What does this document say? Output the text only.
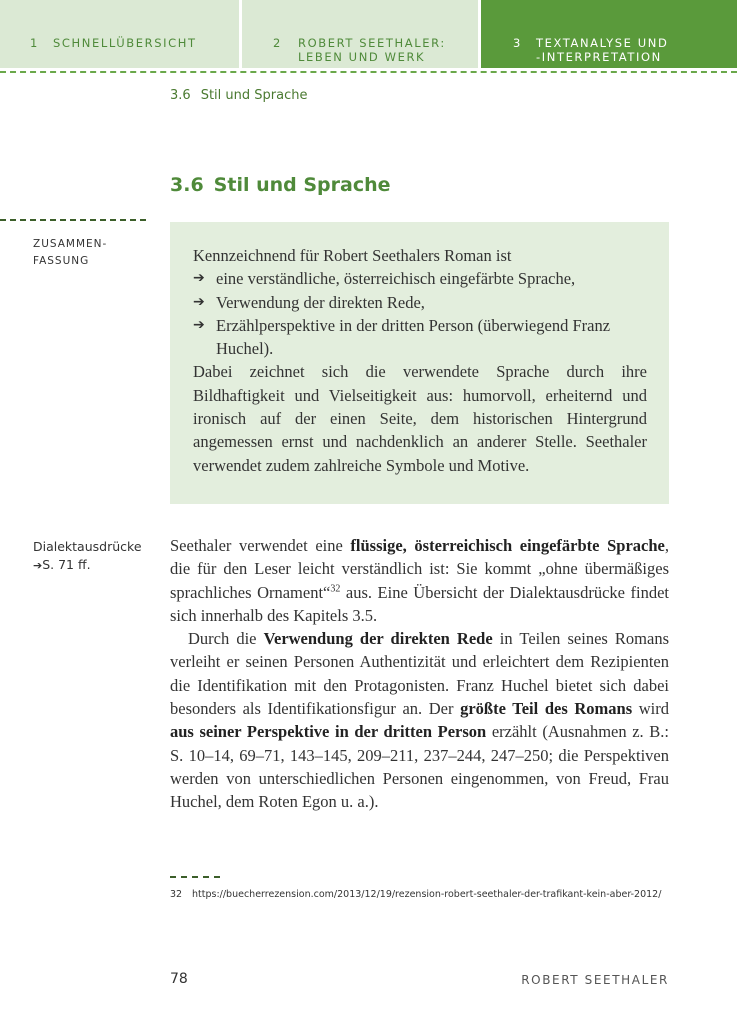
1 SCHNELLÜBERSICHT	2 ROBERT SEETHALER:
LEBEN UND WERK
3 TEXTANALYSE UND
-INTERPRETATION
3.6 Stil und Sprache
3.6 Stil und Sprache
ZUSAMMEN-
FASSUNG	Kennzeichnend für Robert Seethalers Roman ist

➔ eine verständliche, österreichisch eingefärbte Sprache,
➔ Verwendung der direkten Rede,
➔ Erzählperspektive in der dritten Person (überwiegend Franz Huchel).

Dabei zeichnet sich die verwendete Sprache durch ihre Bildhaftigkeit und Vielseitigkeit aus: humorvoll, erheiternd und ironisch auf der einen Seite, dem historischen Hintergrund angemessen ernst und nachdenklich an anderer Stelle. Seethaler verwendet zudem zahlreiche Symbole und Motive.

Dialektausdrücke
➔S. 71 ff.

Seethaler verwendet eine flüssige, österreichisch eingefärbte Sprache, die für den Leser leicht verständlich ist: Sie kommt „ohne übermäßiges sprachliches Ornament“$^{32}$ aus. Eine Übersicht der Dialektausdrücke findet sich innerhalb des Kapitels 3.5.

Durch die Verwendung der direkten Rede in Teilen seines Romans verleiht er seinen Personen Authentizität und erleichtert dem Rezipienten die Identifikation mit den Protagonisten. Franz Huchel bietet sich dabei besonders als Identifikationsfigur an. Der größte Teil des Romans wird aus seiner Perspektive in der dritten Person erzählt (Ausnahmen z. B.: S. 10–14, 69–71, 143–145, 209–211, 237–244, 247–250; die Perspektiven werden von unterschiedlichen Personen eingenommen, von Freud, Frau Huchel, dem Roten Egon u. a.).

32 https://buecherrezension.com/2013/12/19/rezension-robert-seethaler-der-trafikant-kein-aber-2012/
78	ROBERT SEETHALER
